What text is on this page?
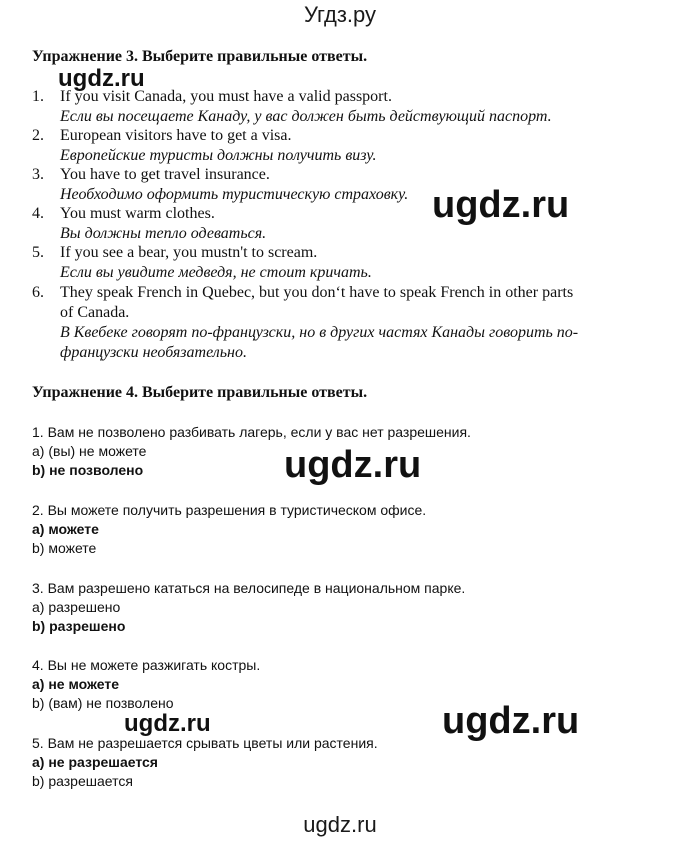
Угдз.ру
ugdz.ru
ugdz.ru
ugdz.ru
ugdz.ru	ugdz.ru
Упражнение 3. Выберите правильные ответы.
1. If you visit Canada, you must have a valid passport.
Если вы посещаете Канаду, у вас должен быть действующий паспорт.
2. European visitors have to get a visa.
Европейские туристы должны получить визу.
3. You have to get travel insurance.
Необходимо оформить туристическую страховку.
4. You must warm clothes.
Вы должны тепло одеваться.
5. If you see a bear, you mustn't to scream.
Если вы увидите медведя, не стоит кричать.
6. They speak French in Quebec, but you don‘t have to speak French in other parts
of Canada.
В Квебеке говорят по-французски, но в других частях Канады говорить по-
французски необязательно.
Упражнение 4. Выберите правильные ответы.
1. Вам не позволено разбивать лагерь, если у вас нет разрешения.
a) (вы) не можете
b) не позволено
2. Вы можете получить разрешения в туристическом офисе.
a) можете
b) можете
3. Вам разрешено кататься на велосипеде в национальном парке.
a) разрешено
b) разрешено
4. Вы не можете разжигать костры.
a) не можете
b) (вам) не позволено
5. Вам не разрешается срывать цветы или растения.
a) не разрешается
b) разрешается
ugdz.ru
